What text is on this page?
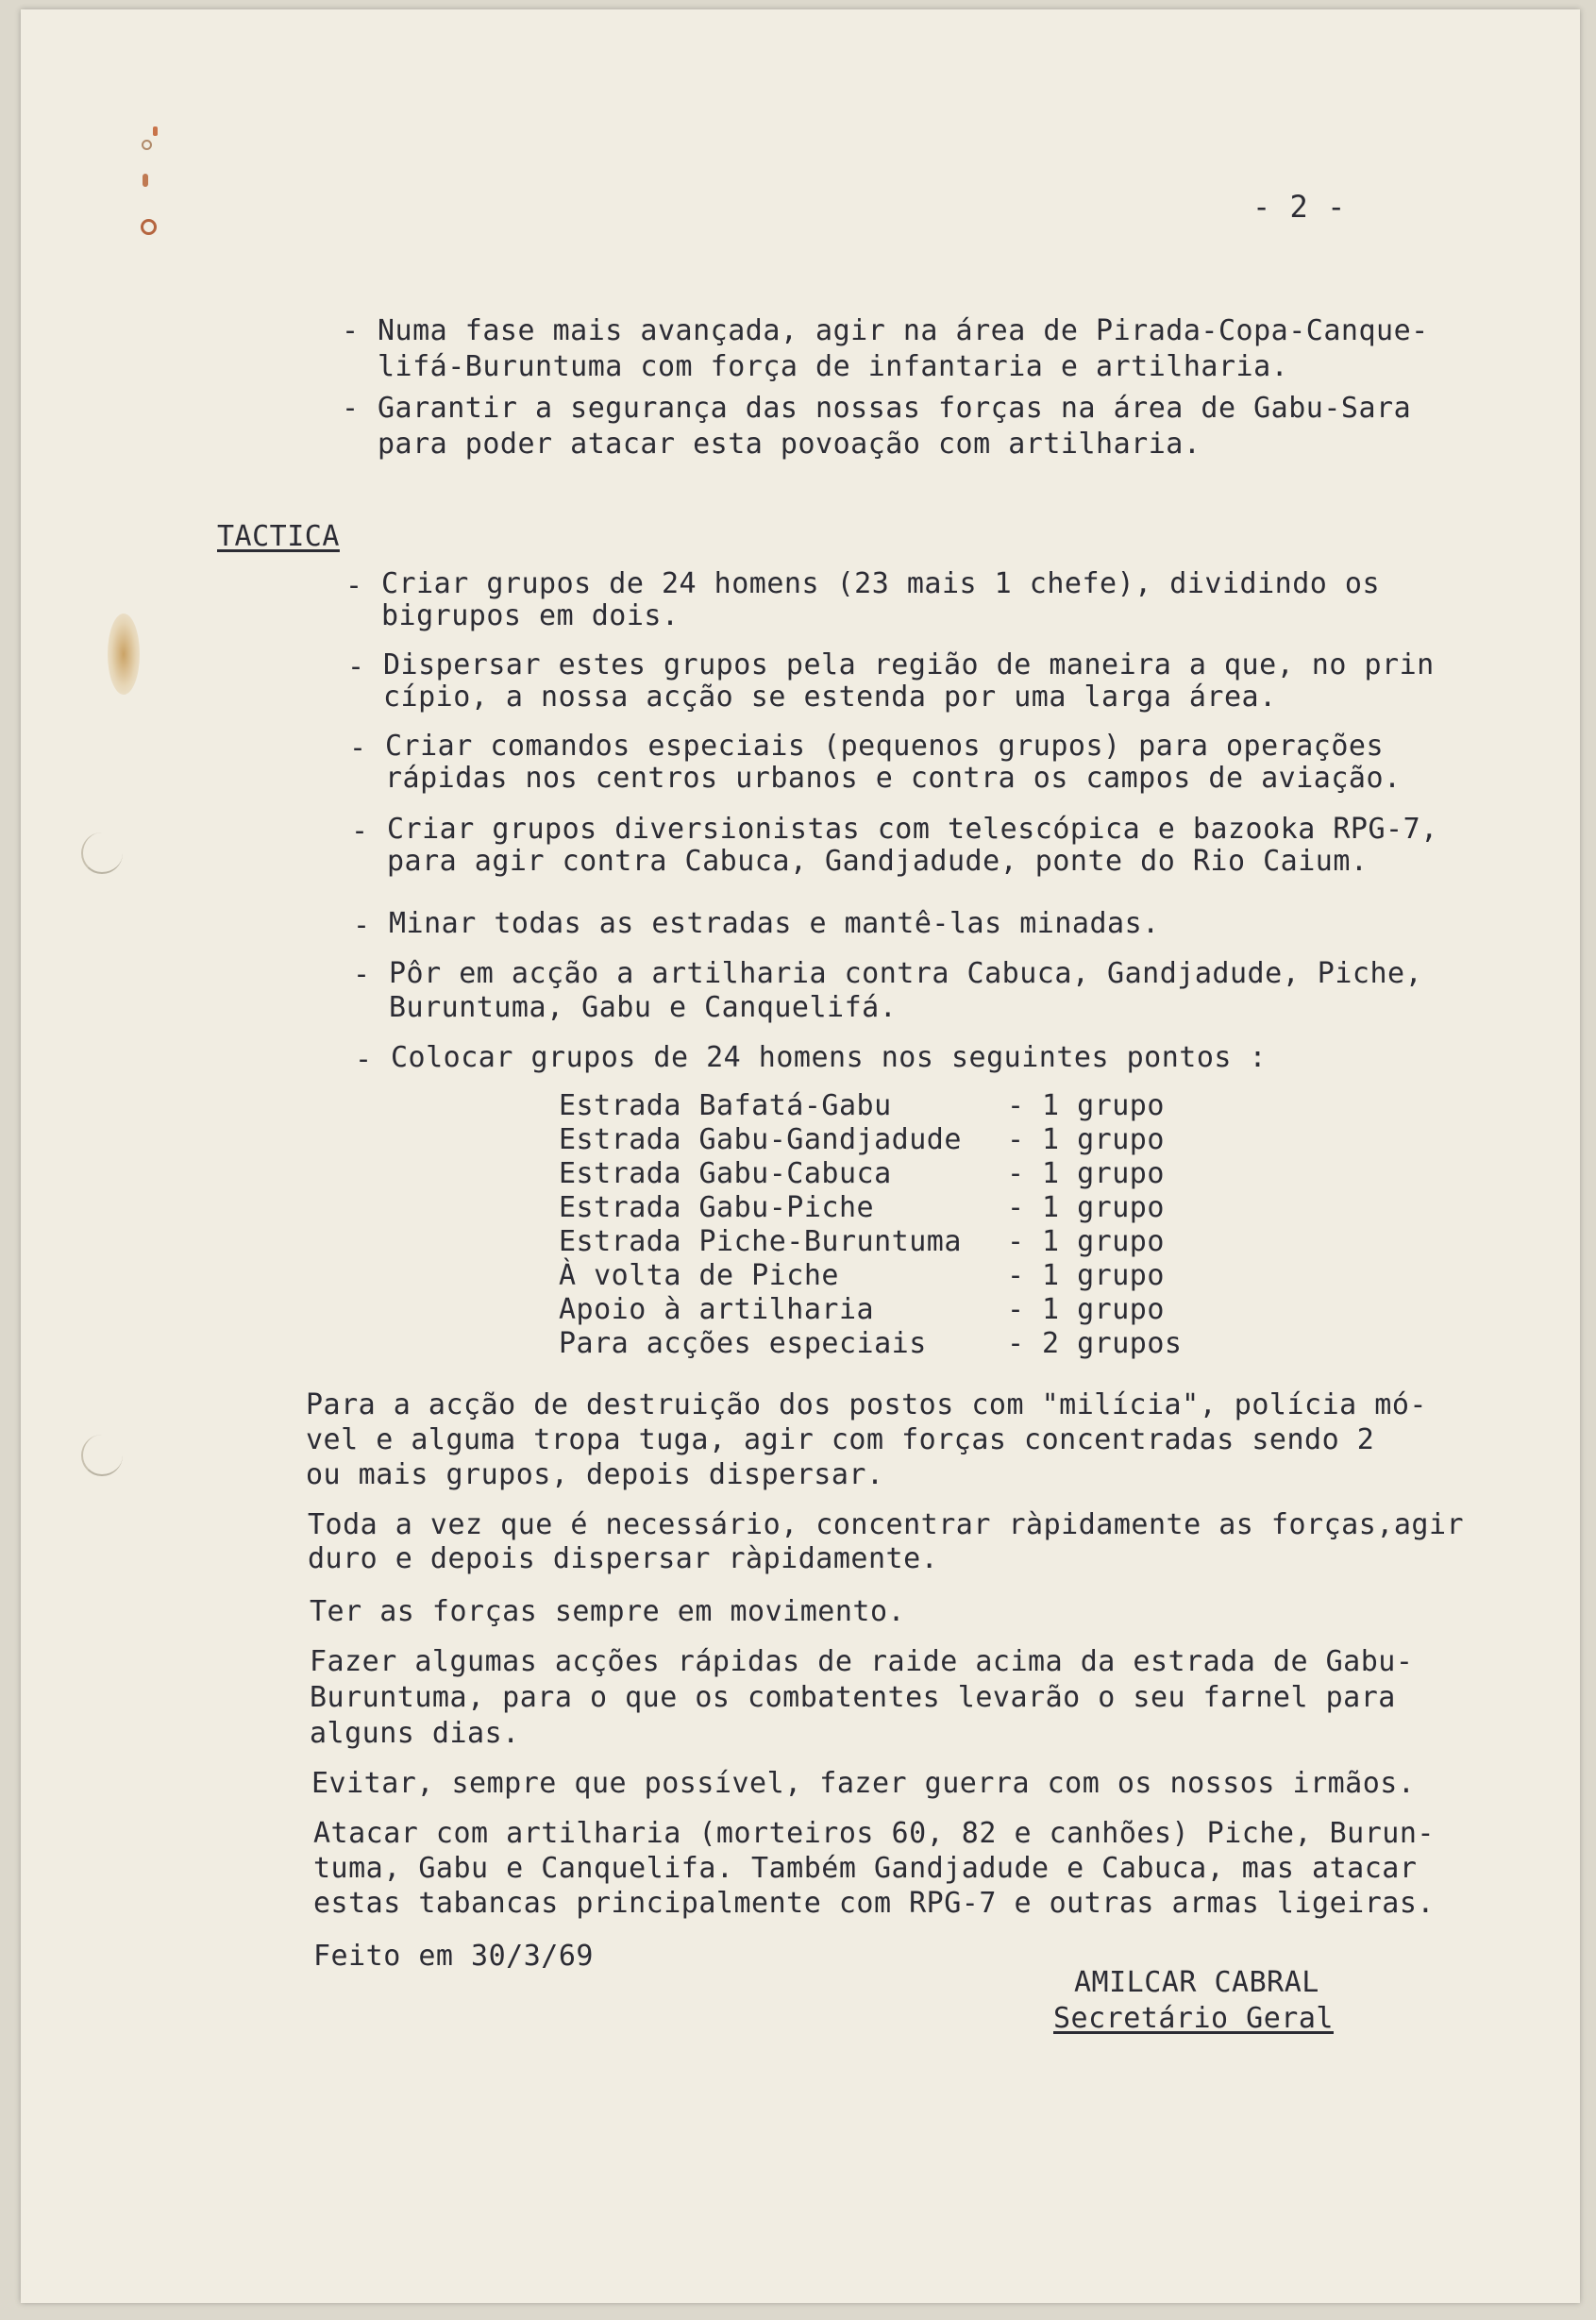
- 2 -
- Numa fase mais avançada, agir na área de Pirada-Copa-Canque-
lifá-Buruntuma com força de infantaria e artilharia.
- Garantir a segurança das nossas forças na área de Gabu-Sara
para poder atacar esta povoação com artilharia.
TACTICA
- Criar grupos de 24 homens (23 mais 1 chefe), dividindo os
bigrupos em dois.
- Dispersar estes grupos pela região de maneira a que, no prin
cípio, a nossa acção se estenda por uma larga área.
- Criar comandos especiais (pequenos grupos) para operações
rápidas nos centros urbanos e contra os campos de aviação.
- Criar grupos diversionistas com telescópica e bazooka RPG-7,
para agir contra Cabuca, Gandjadude, ponte do Rio Caium.
- Minar todas as estradas e mantê-las minadas.
- Pôr em acção a artilharia contra Cabuca, Gandjadude, Piche,
Buruntuma, Gabu e Canquelifá.
- Colocar grupos de 24 homens nos seguintes pontos :
Estrada Bafatá-Gabu	- 1 grupo
Estrada Gabu-Gandjadude - 1 grupo
Estrada Gabu-Cabuca	- 1 grupo
Estrada Gabu-Piche	- 1 grupo
Estrada Piche-Buruntuma - 1 grupo
À volta de Piche	- 1 grupo
Apoio à artilharia	- 1 grupo
Para acções especiais	- 2 grupos
Para a acção de destruição dos postos com "milícia", polícia mó-
vel e alguma tropa tuga, agir com forças concentradas sendo 2
ou mais grupos, depois dispersar.
Toda a vez que é necessário, concentrar ràpidamente as forças,agir
duro e depois dispersar ràpidamente.
Ter as forças sempre em movimento.
Fazer algumas acções rápidas de raide acima da estrada de Gabu-
Buruntuma, para o que os combatentes levarão o seu farnel para
alguns dias.
Evitar, sempre que possível, fazer guerra com os nossos irmãos.
Atacar com artilharia (morteiros 60, 82 e canhões) Piche, Burun-
tuma, Gabu e Canquelifa. Também Gandjadude e Cabuca, mas atacar
estas tabancas principalmente com RPG-7 e outras armas ligeiras.
Feito em 30/3/69
AMILCAR CABRAL
Secretário Geral
